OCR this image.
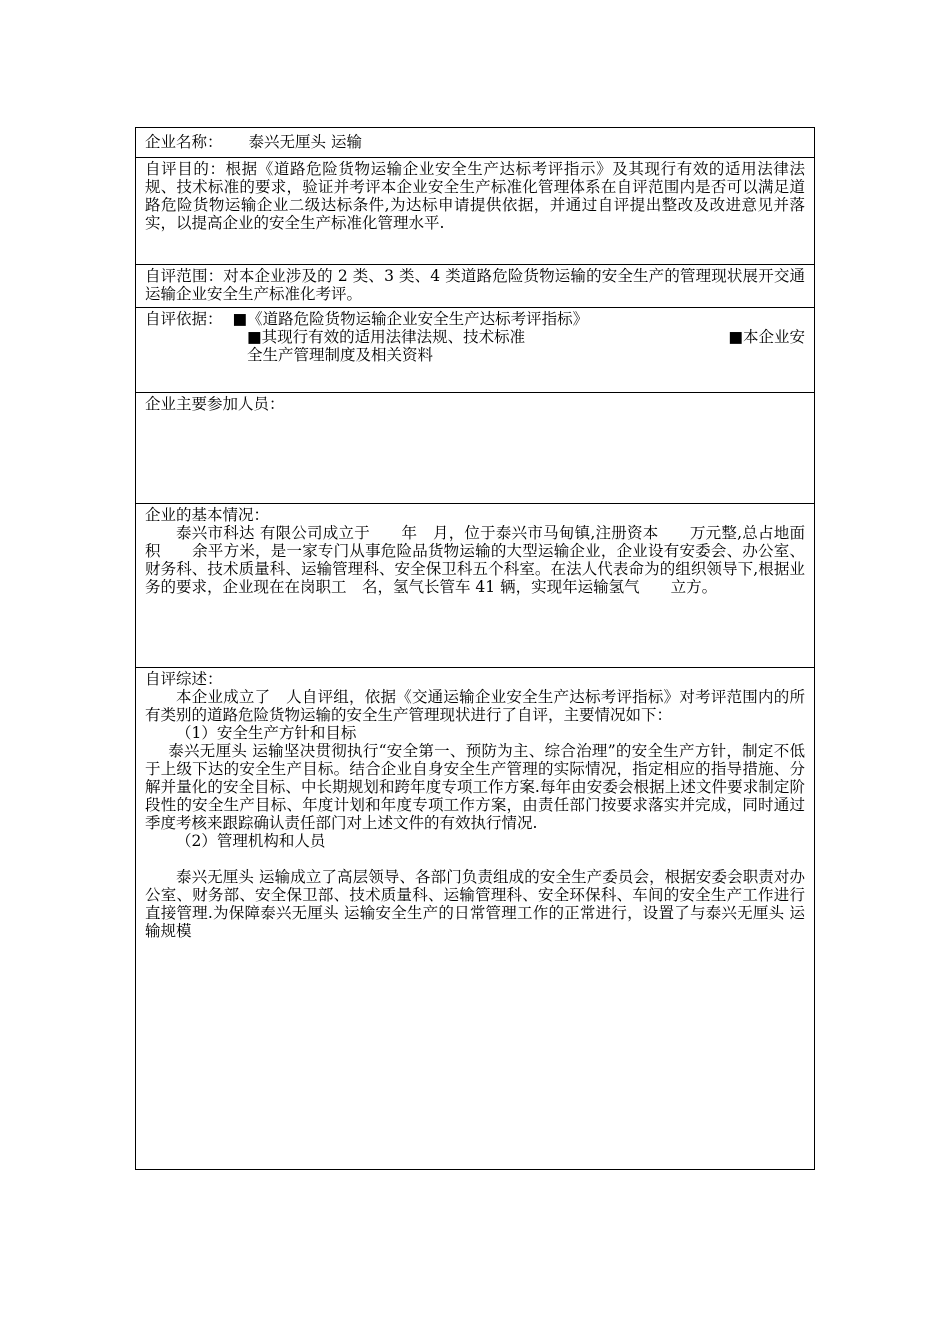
企业名称： 泰兴无厘头 运输

自评目的：根据《道路危险货物运输企业安全生产达标考评指示》及其现行有效的适用法律法规、技术标准的要求，验证并考评本企业安全生产标准化管理体系在自评范围内是否可以满足道路危险货物运输企业二级达标条件,为达标申请提供依据，并通过自评提出整改及改进意见并落实，以提高企业的安全生产标准化管理水平.

自评范围：对本企业涉及的 2 类、3 类、4 类道路危险货物运输的安全生产的管理现状展开交通运输企业安全生产标准化考评。

自评依据： ■《道路危险货物运输企业安全生产达标考评指标》
■其现行有效的适用法律法规、技术标准	■本企业安
全生产管理制度及相关资料

企业主要参加人员：

企业的基本情况：

泰兴市科达 有限公司成立于　　年　月，位于泰兴市马甸镇,注册资本　　万元整,总占地面积　　余平方米，是一家专门从事危险品货物运输的大型运输企业，企业设有安委会、办公室、财务科、技术质量科、运输管理科、安全保卫科五个科室。在法人代表命为的组织领导下,根据业务的要求，企业现在在岗职工　名，氢气长管车 41 辆，实现年运输氢气　　立方。

自评综述：

本企业成立了　人自评组，依据《交通运输企业安全生产达标考评指标》对考评范围内的所有类别的道路危险货物运输的安全生产管理现状进行了自评，主要情况如下：

（1）安全生产方针和目标

泰兴无厘头 运输坚决贯彻执行“安全第一、预防为主、综合治理”的安全生产方针，制定不低于上级下达的安全生产目标。结合企业自身安全生产管理的实际情况，指定相应的指导措施、分解并量化的安全目标、中长期规划和跨年度专项工作方案.每年由安委会根据上述文件要求制定阶段性的安全生产目标、年度计划和年度专项工作方案，由责任部门按要求落实并完成，同时通过季度考核来跟踪确认责任部门对上述文件的有效执行情况.

（2）管理机构和人员

泰兴无厘头 运输成立了高层领导、各部门负责组成的安全生产委员会，根据安委会职责对办公室、财务部、安全保卫部、技术质量科、运输管理科、安全环保科、车间的安全生产工作进行直接管理.为保障泰兴无厘头 运输安全生产的日常管理工作的正常进行，设置了与泰兴无厘头 运输规模
